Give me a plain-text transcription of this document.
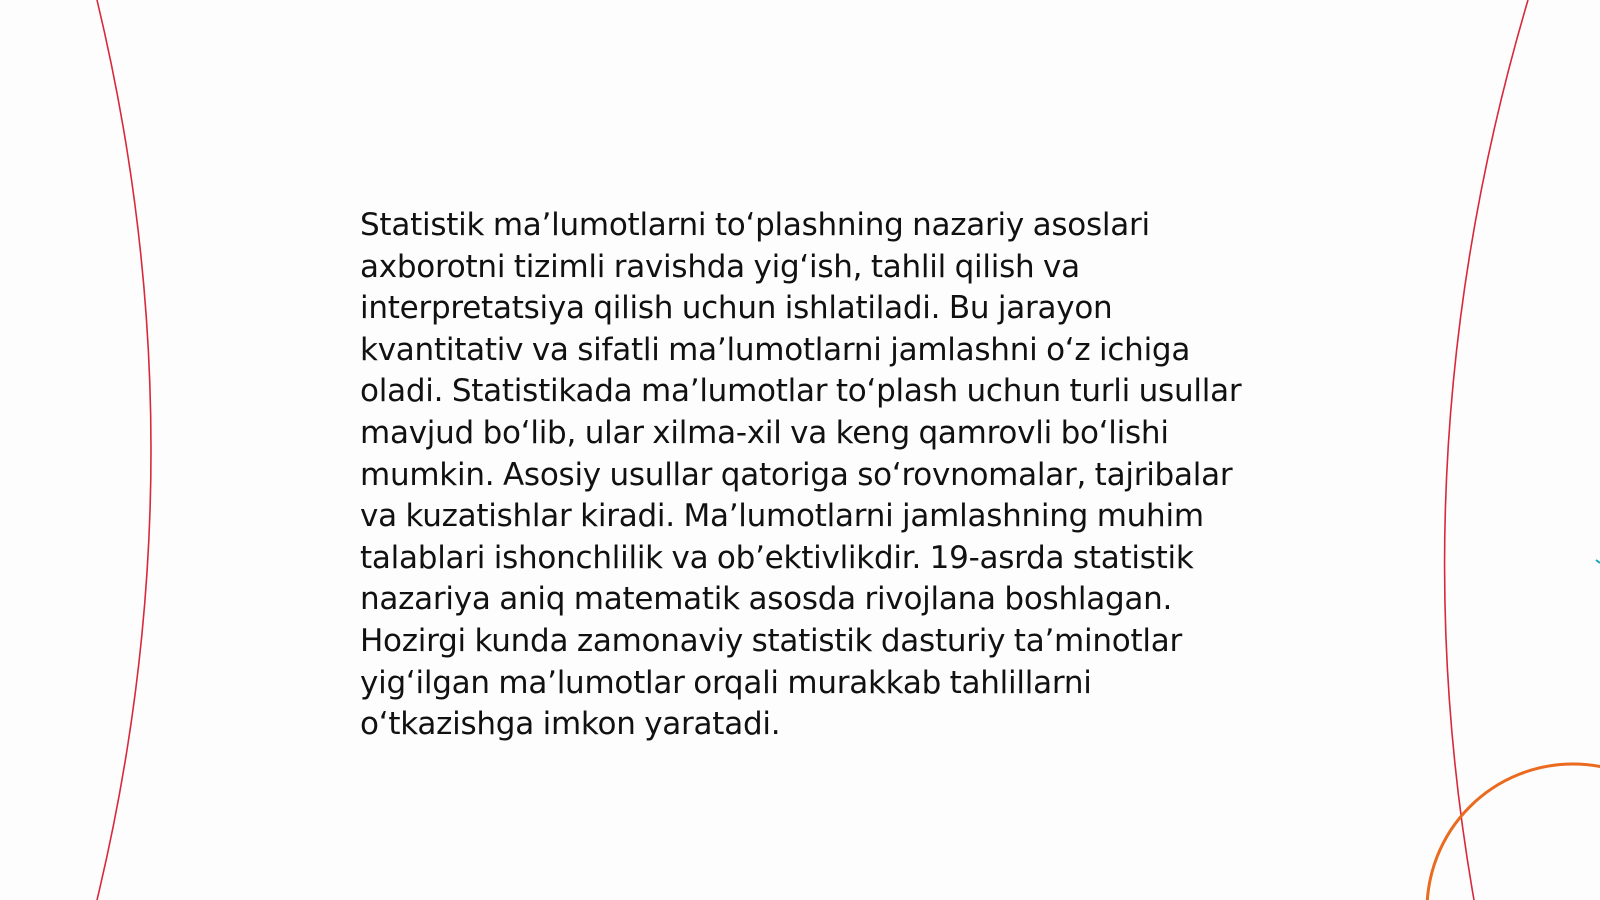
Statistik ma’lumotlarni to‘plashning nazariy asoslari axborotni tizimli ravishda yig‘ish, tahlil qilish va interpretatsiya qilish uchun ishlatiladi. Bu jarayon kvantitativ va sifatli ma’lumotlarni jamlashni o‘z ichiga oladi. Statistikada ma’lumotlar to‘plash uchun turli usullar mavjud bo‘lib, ular xilma-xil va keng qamrovli bo‘lishi mumkin. Asosiy usullar qatoriga so‘rovnomalar, tajribalar va kuzatishlar kiradi. Ma’lumotlarni jamlashning muhim talablari ishonchlilik va ob’ektivlikdir. 19-asrda statistik nazariya aniq matematik asosda rivojlana boshlagan. Hozirgi kunda zamonaviy statistik dasturiy ta’minotlar yig‘ilgan ma’lumotlar orqali murakkab tahlillarni o‘tkazishga imkon yaratadi.
